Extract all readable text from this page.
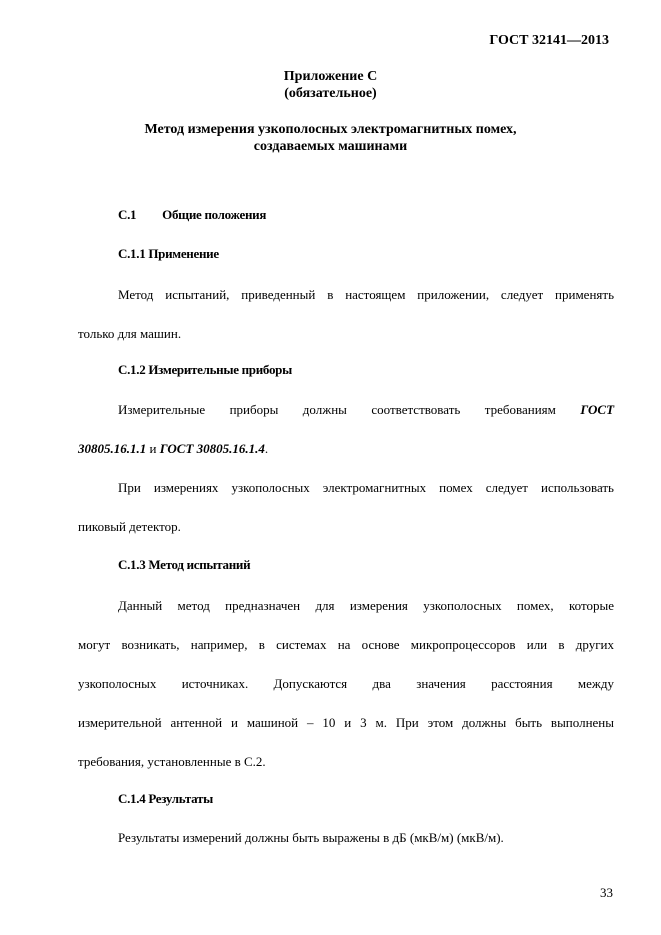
ГОСТ 32141—2013
Приложение С
(обязательное)
Метод измерения узкополосных электромагнитных помех,
создаваемых машинами
С.1 Общие положения
С.1.1 Применение
Метод испытаний, приведенный в настоящем приложении, следует применять
только для машин.
С.1.2 Измерительные приборы
Измерительные приборы должны соответствовать требованиям ГОСТ
30805.16.1.1 и ГОСТ 30805.16.1.4.
При измерениях узкополосных электромагнитных помех следует использовать
пиковый детектор.
С.1.3 Метод испытаний
Данный метод предназначен для измерения узкополосных помех, которые
могут возникать, например, в системах на основе микропроцессоров или в других
узкополосных источниках. Допускаются два значения расстояния между
измерительной антенной и машиной – 10 и 3 м. При этом должны быть выполнены
требования, установленные в С.2.
С.1.4 Результаты
Результаты измерений должны быть выражены в дБ (мкВ/м) (мкВ/м).
33
